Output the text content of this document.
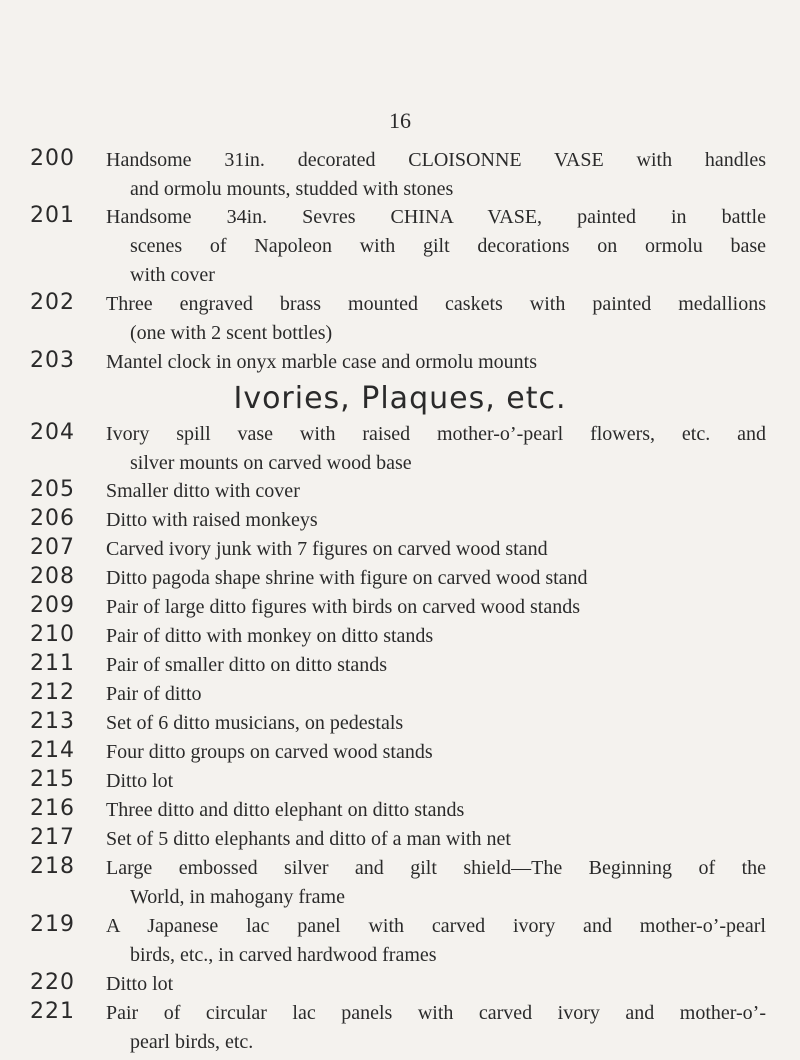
16
200 Handsome 31in. decorated CLOISONNE VASE with handles
and ormolu mounts, studded with stones
201 Handsome 34in. Sevres CHINA VASE, painted in battle
scenes of Napoleon with gilt decorations on ormolu base
with cover
202 Three engraved brass mounted caskets with painted medallions
(one with 2 scent bottles)
203 Mantel clock in onyx marble case and ormolu mounts
Ivories, Plaques, etc.
204 Ivory spill vase with raised mother-o’-pearl flowers, etc. and
silver mounts on carved wood base
205 Smaller ditto with cover
206 Ditto with raised monkeys
207 Carved ivory junk with 7 figures on carved wood stand
208 Ditto pagoda shape shrine with figure on carved wood stand
209 Pair of large ditto figures with birds on carved wood stands
210 Pair of ditto with monkey on ditto stands
211 Pair of smaller ditto on ditto stands
212 Pair of ditto
213 Set of 6 ditto musicians, on pedestals
214 Four ditto groups on carved wood stands
215 Ditto lot
216 Three ditto and ditto elephant on ditto stands
217 Set of 5 ditto elephants and ditto of a man with net
218 Large embossed silver and gilt shield—The Beginning of the
World, in mahogany frame
219 A Japanese lac panel with carved ivory and mother-o’-pearl
birds, etc., in carved hardwood frames
220 Ditto lot
221 Pair of circular lac panels with carved ivory and mother-o’-
pearl birds, etc.
